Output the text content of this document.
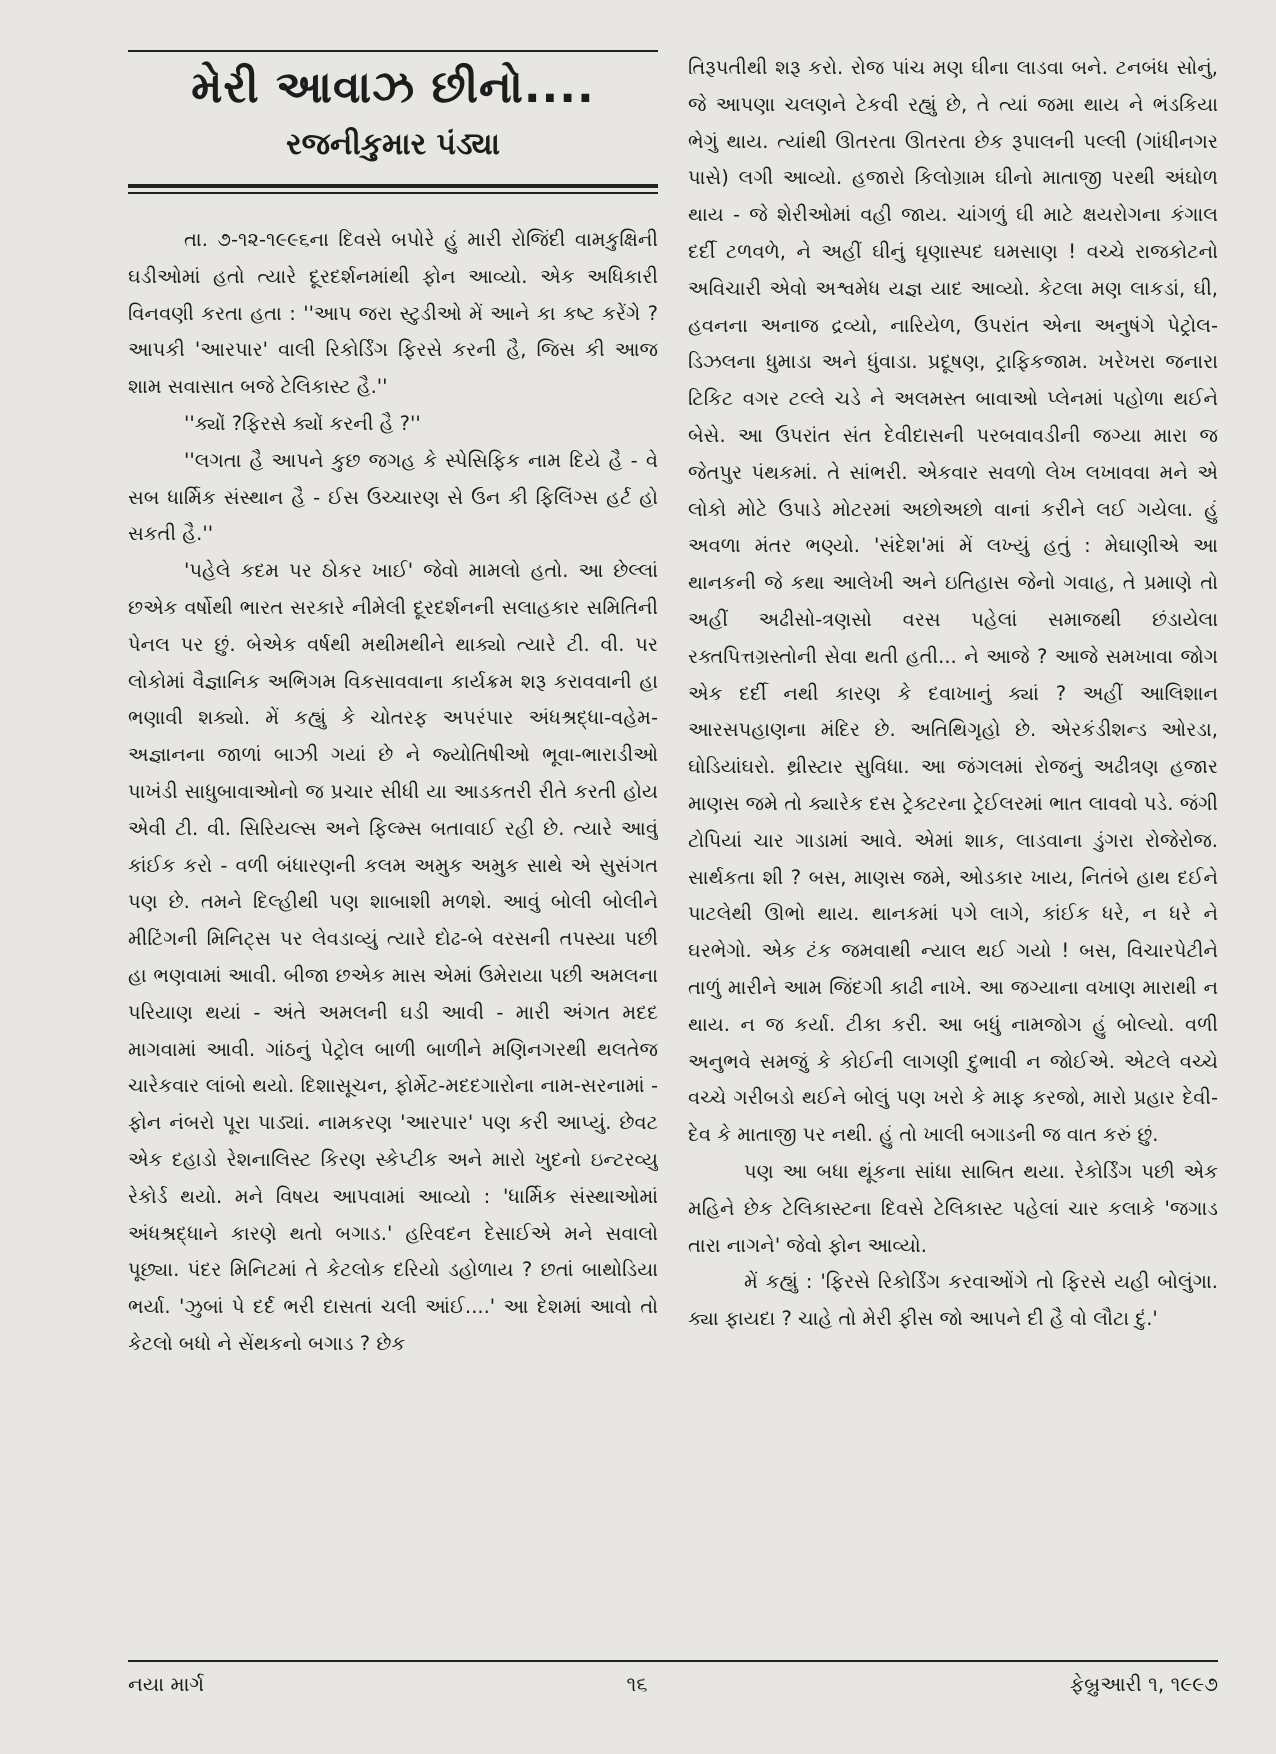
મેરી આવાઝ છીનો....
રજનીકુમાર પંડ્યા

તા. ૭-૧૨-૧૯૯૬ના દિવસે બપોરે હું મારી રોજિંદી વામકુક્ષિની ઘડીઓમાં હતો ત્યારે દૂરદર્શનમાંથી ફોન આવ્યો. એક અધિકારી વિનવણી કરતા હતા : ''આપ જરા સ્ટુડીઓ મેં આને કા કષ્ટ કરેંગે ? આપકી 'આરપાર' વાલી રિકોર્ડિંગ ફિરસે કરની હૈ, જિસ કી આજ શામ સવાસાત બજે ટેલિકાસ્ટ હૈ.''

''ક્યોં ?ફિરસે ક્યોં કરની હૈ ?''

''લગતા હૈ આપને કુછ જગહ કે સ્પેસિફિક નામ દિયે હૈ - વે સબ ધાર્મિક સંસ્થાન હૈ - ઈસ ઉચ્ચારણ સે ઉન કી ફિલિંગ્સ હર્ટ હો સકતી હૈ.''

'પહેલે કદમ પર ઠોકર ખાઈ' જેવો મામલો હતો. આ છેલ્લાં છએક વર્ષોથી ભારત સરકારે નીમેલી દૂરદર્શનની સલાહકાર સમિતિની પેનલ પર છું. બેએક વર્ષથી મથીમથીને થાક્યો ત્યારે ટી. વી. પર લોકોમાં વૈજ્ઞાનિક અભિગમ વિકસાવવાના કાર્યક્રમ શરૂ કરાવવાની હા ભણાવી શક્યો. મેં કહ્યું કે ચોતરફ અપરંપાર અંધશ્રદ્ધા-વહેમ-અજ્ઞાનના જાળાં બાઝી ગયાં છે ને જ્યોતિષીઓ ભૂવા-ભારાડીઓ પાખંડી સાધુબાવાઓનો જ પ્રચાર સીધી યા આડકતરી રીતે કરતી હોય એવી ટી. વી. સિરિયલ્સ અને ફિલ્મ્સ બતાવાઈ રહી છે. ત્યારે આવું કાંઈક કરો - વળી બંધારણની કલમ અમુક અમુક સાથે એ સુસંગત પણ છે. તમને દિલ્હીથી પણ શાબાશી મળશે. આવું બોલી બોલીને મીટિંગની મિનિટ્સ પર લેવડાવ્યું ત્યારે દોઢ-બે વરસની તપસ્યા પછી હા ભણવામાં આવી. બીજા છએક માસ એમાં ઉમેરાયા પછી અમલના પરિયાણ થયાં - અંતે અમલની ઘડી આવી - મારી અંગત મદદ માગવામાં આવી. ગાંઠનું પેટ્રોલ બાળી બાળીને મણિનગરથી થલતેજ ચારેકવાર લાંબો થયો. દિશાસૂચન, ફોર્મેટ-મદદગારોના નામ-સરનામાં - ફોન નંબરો પૂરા પાડ્યાં. નામકરણ 'આરપાર' પણ કરી આપ્યું. છેવટ એક દહાડો રેશનાલિસ્ટ કિરણ સ્કેપ્ટીક અને મારો ખુદનો ઇન્ટરવ્યુ રેકોર્ડ થયો. મને વિષય આપવામાં આવ્યો : 'ધાર્મિક સંસ્થાઓમાં અંધશ્રદ્ધાને કારણે થતો બગાડ.' હરિવદન દેસાઈએ મને સવાલો પૂછ્યા. પંદર મિનિટમાં તે કેટલોક દરિયો ડહોળાય ? છતાં બાથોડિયા ભર્યા. 'ઝુબાં પે દર્દ ભરી દાસતાં ચલી આંઈ....' આ દેશમાં આવો તો કેટલો બધો ને સેંથકનો બગાડ ? છેક

તિરૂપતીથી શરૂ કરો. રોજ પાંચ મણ ઘીના લાડવા બને. ટનબંધ સોનું, જે આપણા ચલણને ટેકવી રહ્યું છે, તે ત્યાં જમા થાય ને ભંડકિયા ભેગું થાય. ત્યાંથી ઊતરતા ઊતરતા છેક રૂપાલની પલ્લી (ગાંધીનગર પાસે) લગી આવ્યો. હજારો કિલોગ્રામ ઘીનો માતાજી પરથી અંઘોળ થાય - જે શેરીઓમાં વહી જાય. ચાંગળું ઘી માટે ક્ષયરોગના કંગાલ દર્દી ટળવળે, ને અહીં ઘીનું ઘૃણાસ્પદ ઘમસાણ ! વચ્ચે રાજકોટનો અવિચારી એવો અશ્વમેધ યજ્ઞ યાદ આવ્યો. કેટલા મણ લાકડાં, ઘી, હવનના અનાજ દ્રવ્યો, નારિયેળ, ઉપરાંત એના અનુષંગે પેટ્રોલ-ડિઝલના ધુમાડા અને ધુંવાડા. પ્રદૂષણ, ટ્રાફિકજામ. ખરેખરા જનારા ટિકિટ વગર ટલ્લે ચડે ને અલમસ્ત બાવાઓ પ્લેનમાં પહોળા થઈને બેસે. આ ઉપરાંત સંત દેવીદાસની પરબવાવડીની જગ્યા મારા જ જેતપુર પંથકમાં. તે સાંભરી. એકવાર સવળો લેખ લખાવવા મને એ લોકો મોટે ઉપાડે મોટરમાં અછોઅછો વાનાં કરીને લઈ ગયેલા. હું અવળા મંતર ભણ્યો. 'સંદેશ'માં મેં લખ્યું હતું : મેઘાણીએ આ થાનકની જે કથા આલેખી અને ઇતિહાસ જેનો ગવાહ, તે પ્રમાણે તો અહીં અઢીસો-ત્રણસો વરસ પહેલાં સમાજથી છંડાયેલા રક્તપિત્તગ્રસ્તોની સેવા થતી હતી... ને આજે ? આજે સમખાવા જોગ એક દર્દી નથી કારણ કે દવાખાનું ક્યાં ? અહીં આલિશાન આરસપહાણના મંદિર છે. અતિથિગૃહો છે. એરકંડીશન્ડ ઓરડા, ઘોડિયાંઘરો. થ્રીસ્ટાર સુવિધા. આ જંગલમાં રોજનું અઢીત્રણ હજાર માણસ જમે તો ક્યારેક દસ ટ્રેક્ટરના ટ્રેઈલરમાં ભાત લાવવો પડે. જંગી ટોપિયાં ચાર ગાડામાં આવે. એમાં શાક, લાડવાના ડુંગરા રોજેરોજ. સાર્થકતા શી ? બસ, માણસ જમે, ઓડકાર ખાય, નિતંબે હાથ દઈને પાટલેથી ઊભો થાય. થાનકમાં પગે લાગે, કાંઈક ધરે, ન ધરે ને ઘરભેગો. એક ટંક જમવાથી ન્યાલ થઈ ગયો ! બસ, વિચારપેટીને તાળું મારીને આમ જિંદગી કાઢી નાખે. આ જગ્યાના વખાણ મારાથી ન થાય. ન જ કર્યા. ટીકા કરી. આ બધું નામજોગ હું બોલ્યો. વળી અનુભવે સમજું કે કોઈની લાગણી દુભાવી ન જોઈએ. એટલે વચ્ચે વચ્ચે ગરીબડો થઈને બોલું પણ ખરો કે માફ કરજો, મારો પ્રહાર દેવી-દેવ કે માતાજી પર નથી. હું તો ખાલી બગાડની જ વાત કરું છું.

પણ આ બધા થૂંકના સાંધા સાબિત થયા. રેકોર્ડિંગ પછી એક મહિને છેક ટેલિકાસ્ટના દિવસે ટેલિકાસ્ટ પહેલાં ચાર કલાકે 'જગાડ તારા નાગને' જેવો ફોન આવ્યો.

મેં કહ્યું : 'ફિરસે રિકોર્ડિંગ કરવાઓંગે તો ફિરસે યહી બોલુંગા. ક્યા ફાયદા ? ચાહે તો મેરી ફીસ જો આપને દી હૈ વો લૌટા દું.'

નયા માર્ગ	૧૬	ફેબ્રુઆરી ૧, ૧૯૯૭
